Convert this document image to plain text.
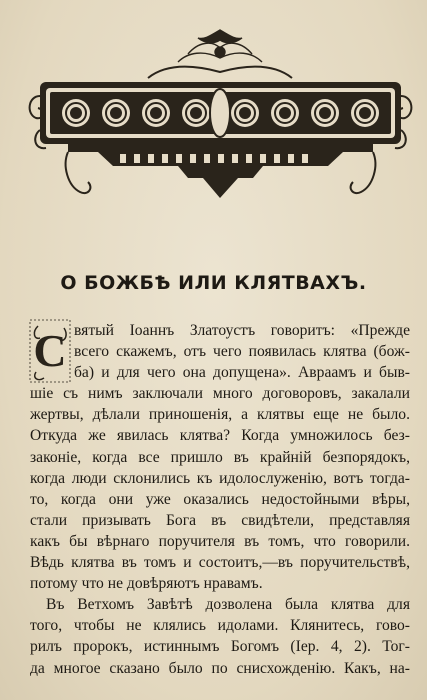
О БОЖБѢ ИЛИ КЛЯТВАХЪ.
С вятый Іоаннъ Златоустъ говоритъ: «Прежде
всего скажемъ, отъ чего появилась клятва (бож-
ба) и для чего она допущена». Авраамъ и быв-
шіе съ нимъ заключали много договоровъ, закалали
жертвы, дѣлали приношенія, а клятвы еще не было.
Откуда же явилась клятва? Когда умножилось без-
законіе, когда все пришло въ крайній безпорядокъ,
когда люди склонились къ идолослуженію, вотъ тогда-
то, когда они уже оказались недостойными вѣры,
стали призывать Бога въ свидѣтели, представляя
какъ бы вѣрнаго поручителя въ томъ, что говорили.
Вѣдь клятва въ томъ и состоитъ,—въ поручительствѣ,
потому что не довѣряютъ нравамъ.
Въ Ветхомъ Завѣтѣ дозволена была клятва для
того, чтобы не клялись идолами. Клянитесь, гово-
рилъ пророкъ, истиннымъ Богомъ (Іер. 4, 2). Тог-
да многое сказано было по снисхожденію. Какъ, на-
